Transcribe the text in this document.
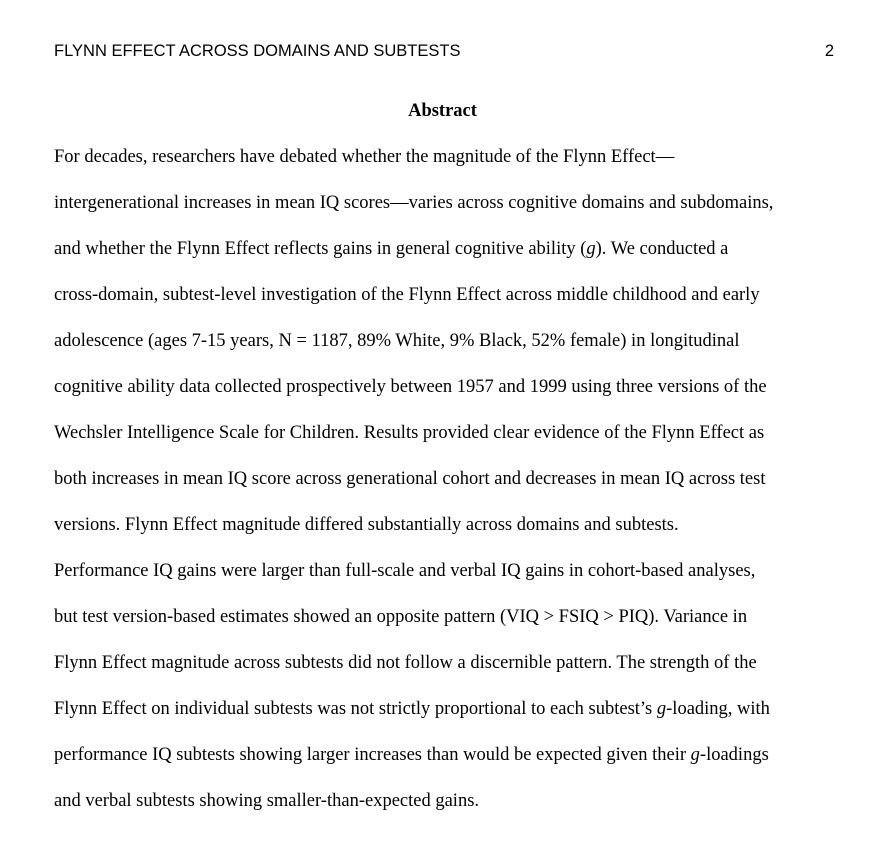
FLYNN EFFECT ACROSS DOMAINS AND SUBTESTS	2
Abstract
For decades, researchers have debated whether the magnitude of the Flynn Effect—
intergenerational increases in mean IQ scores—varies across cognitive domains and subdomains,
and whether the Flynn Effect reflects gains in general cognitive ability (g). We conducted a
cross-domain, subtest-level investigation of the Flynn Effect across middle childhood and early
adolescence (ages 7-15 years, N = 1187, 89% White, 9% Black, 52% female) in longitudinal
cognitive ability data collected prospectively between 1957 and 1999 using three versions of the
Wechsler Intelligence Scale for Children. Results provided clear evidence of the Flynn Effect as
both increases in mean IQ score across generational cohort and decreases in mean IQ across test
versions. Flynn Effect magnitude differed substantially across domains and subtests.
Performance IQ gains were larger than full-scale and verbal IQ gains in cohort-based analyses,
but test version-based estimates showed an opposite pattern (VIQ > FSIQ > PIQ). Variance in
Flynn Effect magnitude across subtests did not follow a discernible pattern. The strength of the
Flynn Effect on individual subtests was not strictly proportional to each subtest’s g-loading, with
performance IQ subtests showing larger increases than would be expected given their g-loadings
and verbal subtests showing smaller-than-expected gains.
